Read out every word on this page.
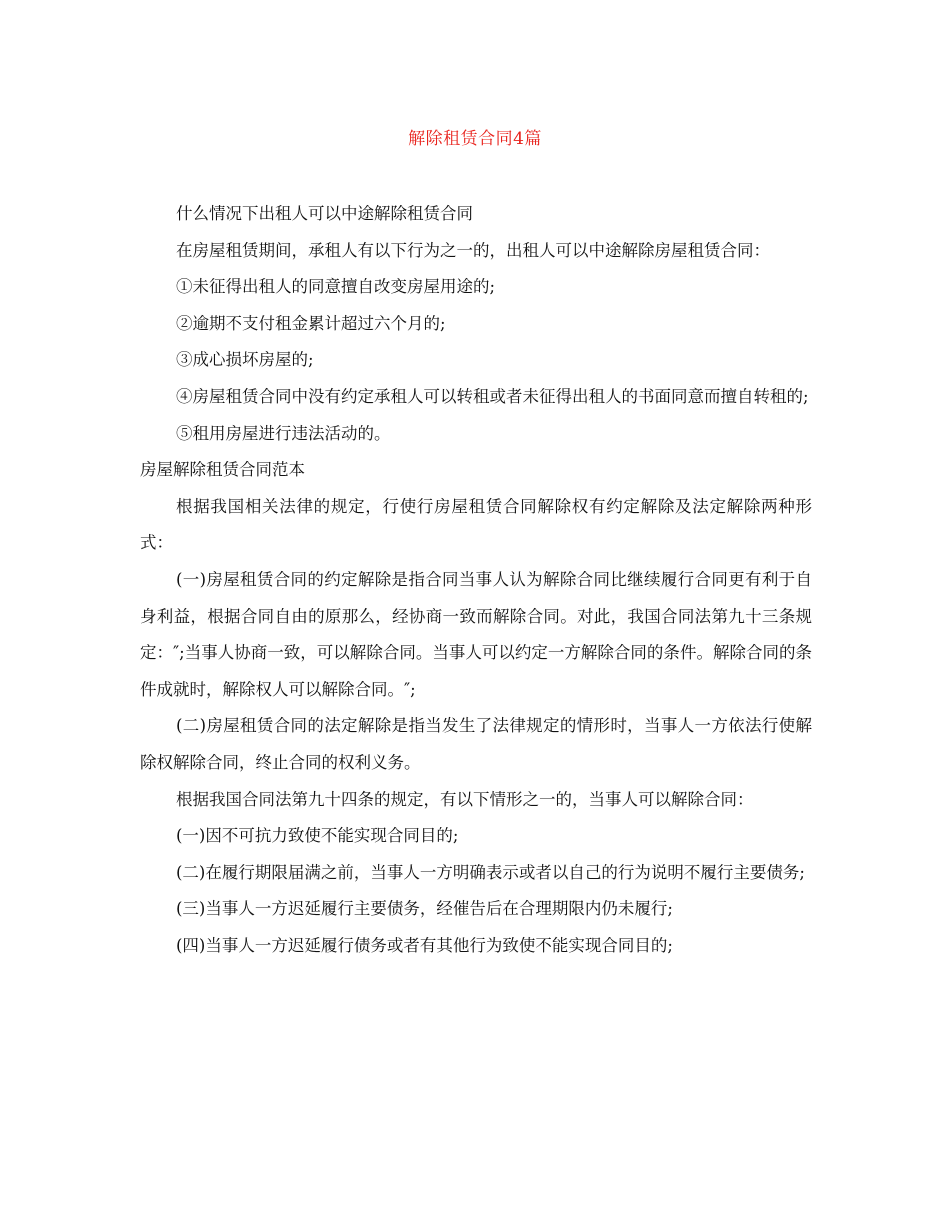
解除租赁合同4篇

什么情况下出租人可以中途解除租赁合同

在房屋租赁期间，承租人有以下行为之一的，出租人可以中途解除房屋租赁合同：

①未征得出租人的同意擅自改变房屋用途的;

②逾期不支付租金累计超过六个月的;

③成心损坏房屋的;

④房屋租赁合同中没有约定承租人可以转租或者未征得出租人的书面同意而擅自转租的;

⑤租用房屋进行违法活动的。

房屋解除租赁合同范本

根据我国相关法律的规定，行使行房屋租赁合同解除权有约定解除及法定解除两种形式：

(一)房屋租赁合同的约定解除是指合同当事人认为解除合同比继续履行合同更有利于自身利益，根据合同自由的原那么，经协商一致而解除合同。对此，我国合同法第九十三条规定：″;当事人协商一致，可以解除合同。当事人可以约定一方解除合同的条件。解除合同的条件成就时，解除权人可以解除合同。″;

(二)房屋租赁合同的法定解除是指当发生了法律规定的情形时，当事人一方依法行使解除权解除合同，终止合同的权利义务。

根据我国合同法第九十四条的规定，有以下情形之一的，当事人可以解除合同：

(一)因不可抗力致使不能实现合同目的;

(二)在履行期限届满之前，当事人一方明确表示或者以自己的行为说明不履行主要债务;

(三)当事人一方迟延履行主要债务，经催告后在合理期限内仍未履行;

(四)当事人一方迟延履行债务或者有其他行为致使不能实现合同目的;
